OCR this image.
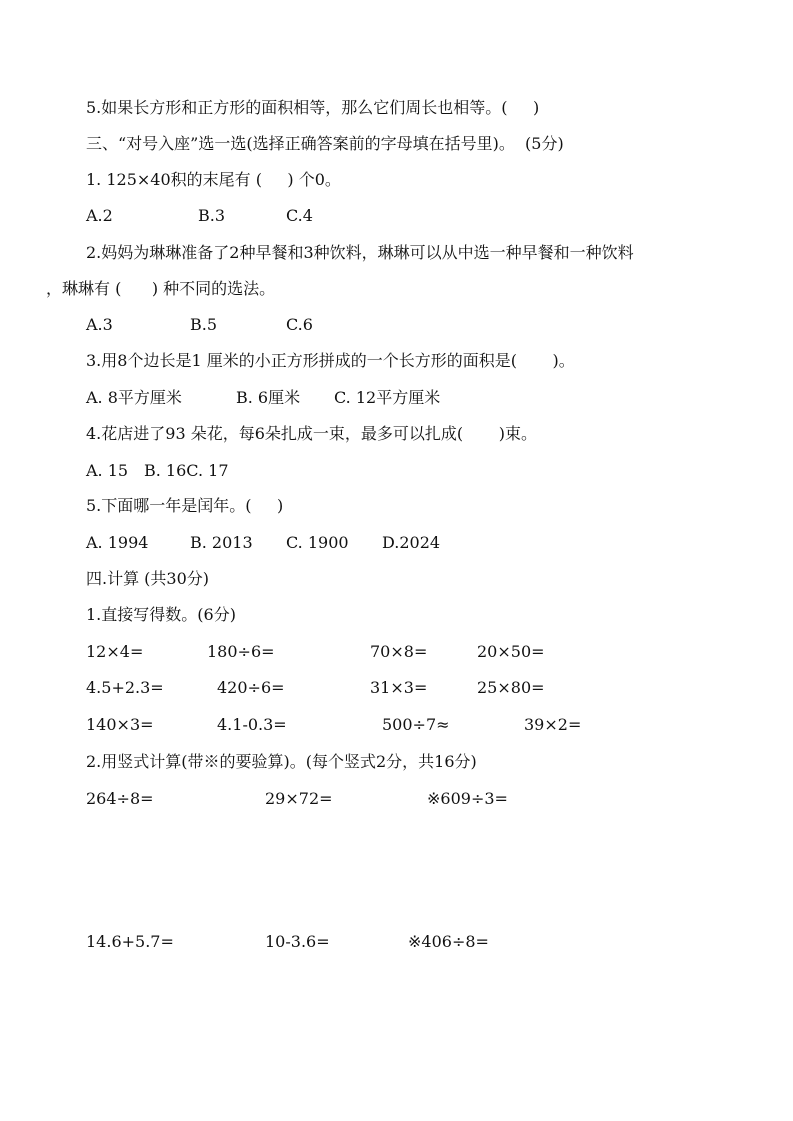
5.如果长方形和正方形的面积相等，那么它们周长也相等。(     )
三、“对号入座”选一选(选择正确答案前的字母填在括号里)。  (5分)
1. 125×40积的末尾有 (     ) 个0。
A.2	B.3	C.4
2.妈妈为琳琳准备了2种早餐和3种饮料，琳琳可以从中选一种早餐和一种饮料
，琳琳有 (      ) 种不同的选法。
A.3	B.5	C.6
3.用8个边长是1 厘米的小正方形拼成的一个长方形的面积是(       )。
A. 8平方厘米	B. 6厘米 C. 12平方厘米
4.花店进了93 朵花，每6朵扎成一束，最多可以扎成(       )束。
A. 15 B. 16C. 17
5.下面哪一年是闰年。(     )
A. 1994	B. 2013 C. 1900 D.2024
四.计算 (共30分)
1.直接写得数。(6分)
12×4=	180÷6=	70×8=	20×50=
4.5+2.3=	420÷6=	31×3=	25×80=
140×3=	4.1-0.3=	500÷7≈	39×2=
2.用竖式计算(带※的要验算)。(每个竖式2分，共16分)
264÷8=	29×72=	※609÷3=
14.6+5.7=	10-3.6=	※406÷8=
